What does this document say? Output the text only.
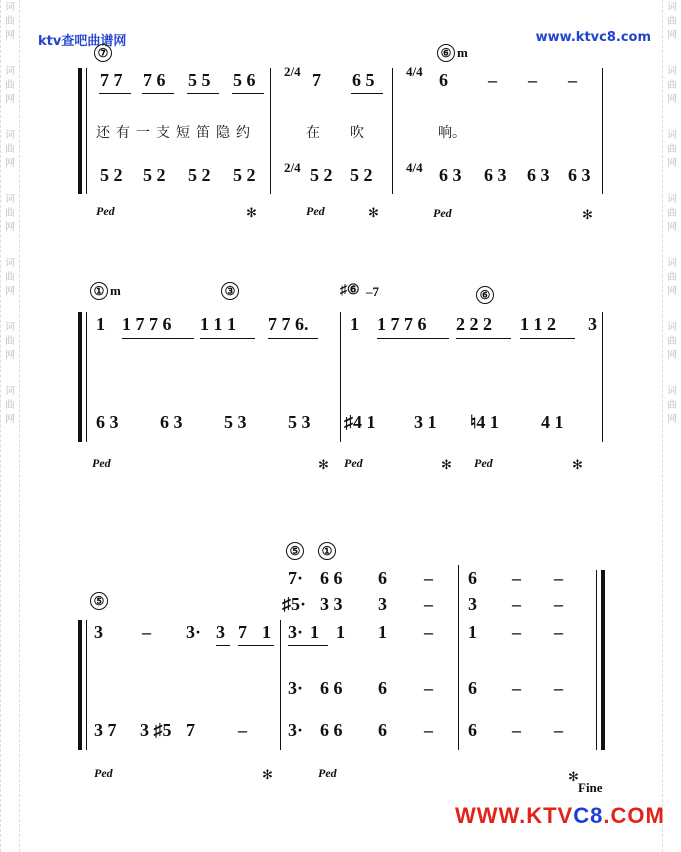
词
曲
网
词
曲
网
词
曲
网
词
曲
网
词
曲
网
词
曲
网
词
曲
网
词
曲
网
词
曲
网
词
曲
网
词
曲
网
词
曲
网
词
曲
网
词
曲
网
ktv查吧曲谱网	www.ktvc8.com
⑦	⑥ m
7 7 7 6 5 5 5 6 2/4 7 6 5 4/4 6 – – –
还有一支短笛隐约	在 吹	响。
5 2 5 2 5 2 5 2 2/4 5 2 5 2	4/4 6 3 6 3 6 3 6 3
Ped	✻	Ped	✻	Ped	✻
① m	③	♯⑥ –7	⑥
1 1 7 7 6 1 1 1 7 7 6. 1 1 7 7 6 2 2 2 1 1 2 3
6 3 6 3 5 3 5 3 ♯4 1 3 1 ♮4 1 4 1
Ped	✻ Ped	✻ Ped	✻
⑤
⑤	①
7· 6 6 6 – 6 – –
♯5· 3 3 3 – 3 – –
3 – 3· 3 7 1 3· 1 1 1 – 1 – –
3· 6 6 6 – 6 – –
3 7 3 ♯5 7 – 3· 6 6 6 – 6 – –
Ped	✻	Ped	✻
Fine
WWW.KTVC8.COM
